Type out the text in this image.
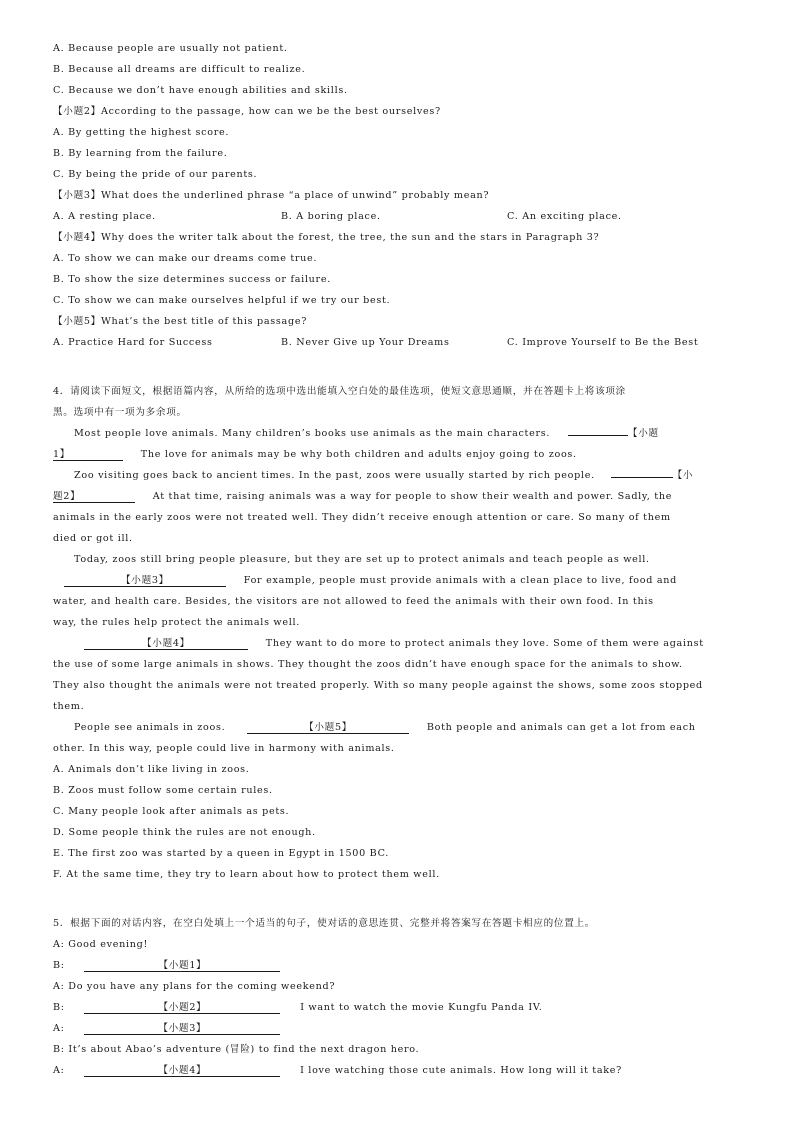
A. Because people are usually not patient.
B. Because all dreams are difficult to realize.
C. Because we don’t have enough abilities and skills.
【小题2】According to the passage, how can we be the best ourselves?
A. By getting the highest score.
B. By learning from the failure.
C. By being the pride of our parents.
【小题3】What does the underlined phrase “a place of unwind” probably mean?
A. A resting place.	B. A boring place.	C. An exciting place.
【小题4】Why does the writer talk about the forest, the tree, the sun and the stars in Paragraph 3?
A. To show we can make our dreams come true.
B. To show the size determines success or failure.
C. To show we can make ourselves helpful if we try our best.
【小题5】What’s the best title of this passage?
A. Practice Hard for Success	B. Never Give up Your Dreams	C. Improve Yourself to Be the Best
4．请阅读下面短文，根据语篇内容，从所给的选项中选出能填入空白处的最佳选项，使短文意思通顺，并在答题卡上将该项涂
黑。选项中有一项为多余项。
Most people love animals. Many children’s books use animals as the main characters.	【小题
1】	The love for animals may be why both children and adults enjoy going to zoos.
Zoo visiting goes back to ancient times. In the past, zoos were usually started by rich people.	【小
题2】	At that time, raising animals was a way for people to show their wealth and power. Sadly, the
animals in the early zoos were not treated well. They didn’t receive enough attention or care. So many of them
died or got ill.
Today, zoos still bring people pleasure, but they are set up to protect animals and teach people as well.
【小题3】	For example, people must provide animals with a clean place to live, food and
water, and health care. Besides, the visitors are not allowed to feed the animals with their own food. In this
way, the rules help protect the animals well.
【小题4】	They want to do more to protect animals they love. Some of them were against
the use of some large animals in shows. They thought the zoos didn’t have enough space for the animals to show.
They also thought the animals were not treated properly. With so many people against the shows, some zoos stopped
them.
People see animals in zoos.	【小题5】	Both people and animals can get a lot from each
other. In this way, people could live in harmony with animals.
A. Animals don’t like living in zoos.
B. Zoos must follow some certain rules.
C. Many people look after animals as pets.
D. Some people think the rules are not enough.
E. The first zoo was started by a queen in Egypt in 1500 BC.
F. At the same time, they try to learn about how to protect them well.
5．根据下面的对话内容，在空白处填上一个适当的句子，使对话的意思连贯、完整并将答案写在答题卡相应的位置上。
A: Good evening!
B:	【小题1】
A: Do you have any plans for the coming weekend?
B:	【小题2】	I want to watch the movie Kungfu Panda IV.
A:	【小题3】
B: It’s about Abao’s adventure (冒险) to find the next dragon hero.
A:	【小题4】	I love watching those cute animals. How long will it take?
